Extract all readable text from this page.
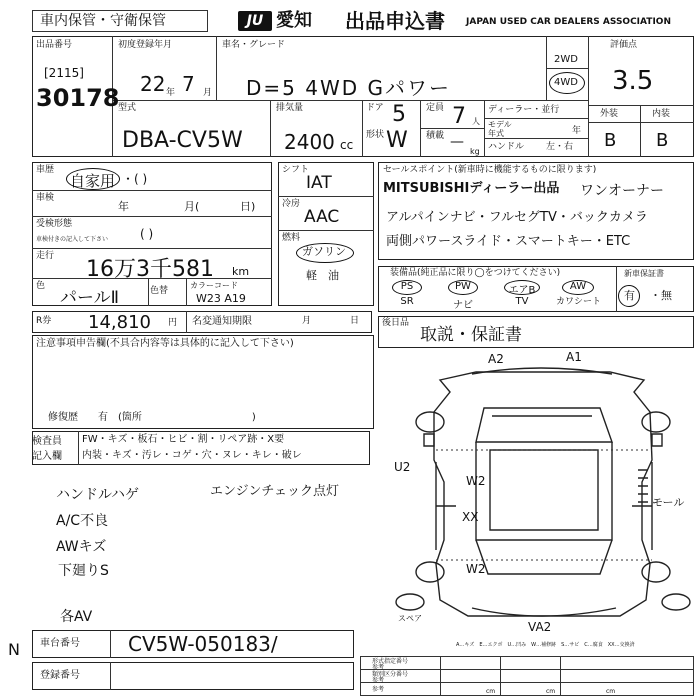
車内保管・守衛保管	JU 愛知 出品申込書 JAPAN USED CAR DEALERS ASSOCIATION
出品番号
[2115]
30178
初度登録年月
22 年 7 月
車名・グレード
D=5 4WD Gパワー
2WD
4WD
評価点
3.5
外装	内装
B B
型式
DBA-CV5W
排気量
2400 cc
ドア 5
形状 W
定員 7 人
積載 —
kg
ディーラー・並行
モデル
年式	年
ハンドル 左・右
車歴
自家用 ・( )
車検
年	月(	日)
受検形態
車検付きの記入して下さい	( )
走行
16万3千581 km
色
パールⅡ	色替
カラーコード
W23 A19
R券 14,810 円 名変通知期限	月	日
シフト
IAT
冷房
AAC
燃料
ガソリン
軽　油
セールスポイント(新車時に機能するものに限ります)
MITSUBISHIディーラー出品 ワンオーナー
アルパインナビ・フルセグTV・バックカメラ
両側パワースライド・スマートキー・ETC
装備品(純正品に限り◯をつけてください)
PS
SR
PW
ナビ
エアB
TV
AW
カワシート
新車保証書
有 ・無
注意事項申告欄(不具合内容等は具体的に記入して下さい)
修復歴　　有　(箇所　　　　　　　　　　　)
後日品
取説・保証書
検査員
記入欄
FW・キズ・板石・ヒビ・割・リペア跡・X要
内装・キズ・汚レ・コゲ・穴・ヌレ・キレ・破レ
ハンドルハゲ	エンジンチェック点灯
A/C不良
AWキズ
下廻りS
各AV
A2	A1
U2
W2
XX
W2
モール
VA2
スペア
A…キズ　E…エクボ　U…凹み　W…補修跡　S…サビ　C…腐食　XX…交換済
車台番号 CV5W-050183/
登録番号
N
形式指定番号
参考
類別区分番号
参考
参考	cm	cm	cm
